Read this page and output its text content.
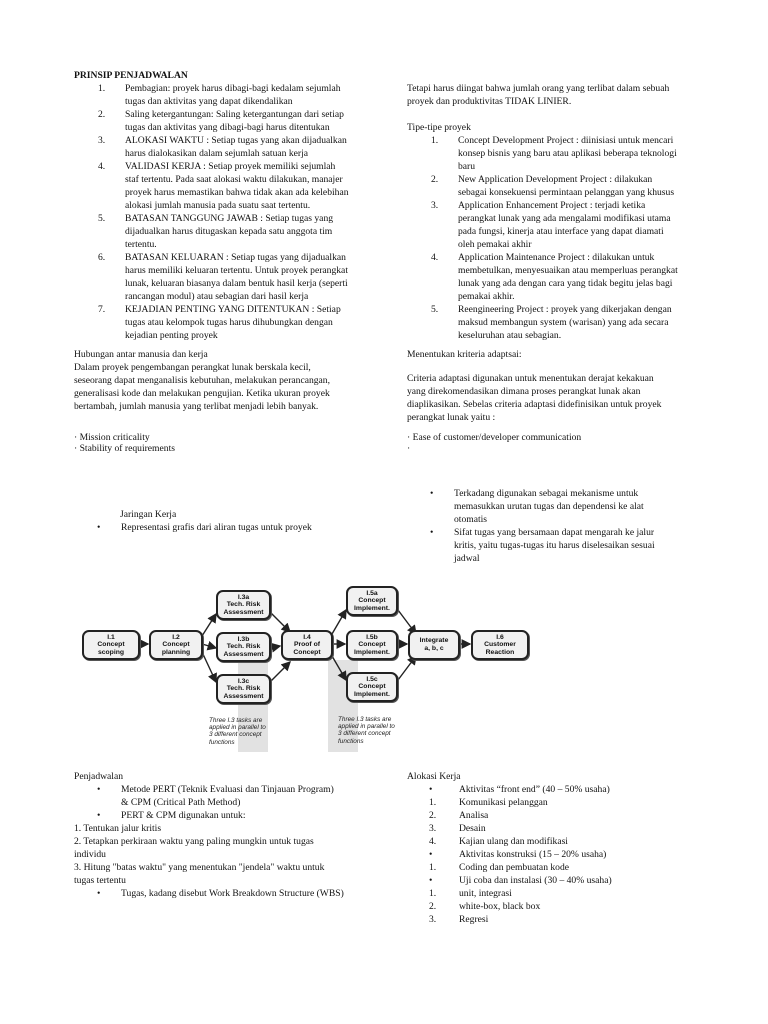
PRINSIP PENJADWALAN

1. Pembagian: proyek harus dibagi-bagi kedalam sejumlah
tugas dan aktivitas yang dapat dikendalikan
2. Saling ketergantungan: Saling ketergantungan dari setiap
tugas dan aktivitas yang dibagi-bagi harus ditentukan
3. ALOKASI WAKTU : Setiap tugas yang akan dijadualkan
harus dialokasikan dalam sejumlah satuan kerja
4. VALIDASI KERJA : Setiap proyek memiliki sejumlah
staf tertentu. Pada saat alokasi waktu dilakukan, manajer
proyek harus memastikan bahwa tidak akan ada kelebihan
alokasi jumlah manusia pada suatu saat tertentu.
5. BATASAN TANGGUNG JAWAB : Setiap tugas yang
dijadualkan harus ditugaskan kepada satu anggota tim
tertentu.
6. BATASAN KELUARAN : Setiap tugas yang dijadualkan
harus memiliki keluaran tertentu. Untuk proyek perangkat
lunak, keluaran biasanya dalam bentuk hasil kerja (seperti
rancangan modul) atau sebagian dari hasil kerja
7. KEJADIAN PENTING YANG DITENTUKAN : Setiap
tugas atau kelompok tugas harus dihubungkan dengan
kejadian penting proyek

Hubungan antar manusia dan kerja

Dalam proyek pengembangan perangkat lunak berskala kecil,
seseorang dapat menganalisis kebutuhan, melakukan perancangan,
generalisasi kode dan melakukan pengujian. Ketika ukuran proyek
bertambah, jumlah manusia yang terlibat menjadi lebih banyak.

· Mission criticality

· Stability of requirements

Jaringan Kerja

• Representasi grafis dari aliran tugas untuk proyek
I.1
Concept
scoping
I.2
Concept
planning
I.3a
Tech. Risk
Assessment
I.3b
Tech. Risk
Assessment
I.3c
Tech. Risk
Assessment
I.4
Proof of
Concept
I.5a
Concept
Implement.
I.5b
Concept
Implement.
I.5c
Concept
Implement.
Integrate
a, b, c
I.6
Customer
Reaction
Three I.3 tasks are
applied in parallel to
3 different concept
functions
Three I.3 tasks are
applied in parallel to
3 different concept
functions

Penjadwalan

• Metode PERT (Teknik Evaluasi dan Tinjauan Program)
& CPM (Critical Path Method)
• PERT & CPM digunakan untuk:

1. Tentukan jalur kritis
2. Tetapkan perkiraan waktu yang paling mungkin untuk tugas
individu
3. Hitung "batas waktu" yang menentukan "jendela" waktu untuk
tugas tertentu

• Tugas, kadang disebut Work Breakdown Structure (WBS)

Tetapi harus diingat bahwa jumlah orang yang terlibat dalam sebuah
proyek dan produktivitas TIDAK LINIER.

Tipe-tipe proyek

1. Concept Development Project : diinisiasi untuk mencari
konsep bisnis yang baru atau aplikasi beberapa teknologi
baru
2. New Application Development Project : dilakukan
sebagai konsekuensi permintaan pelanggan yang khusus
3. Application Enhancement Project : terjadi ketika
perangkat lunak yang ada mengalami modifikasi utama
pada fungsi, kinerja atau interface yang dapat diamati
oleh pemakai akhir
4. Application Maintenance Project : dilakukan untuk
membetulkan, menyesuaikan atau memperluas perangkat
lunak yang ada dengan cara yang tidak begitu jelas bagi
pemakai akhir.
5. Reengineering Project : proyek yang dikerjakan dengan
maksud membangun system (warisan) yang ada secara
keseluruhan atau sebagian.

Menentukan kriteria adaptsai:

Criteria adaptasi digunakan untuk menentukan derajat kekakuan
yang direkomendasikan dimana proses perangkat lunak akan
diaplikasikan. Sebelas criteria adaptasi didefinisikan untuk proyek
perangkat lunak yaitu :

· Ease of customer/developer communication

·

• Terkadang digunakan sebagai mekanisme untuk
memasukkan urutan tugas dan dependensi ke alat
otomatis
• Sifat tugas yang bersamaan dapat mengarah ke jalur
kritis, yaitu tugas-tugas itu harus diselesaikan sesuai
jadwal

Alokasi Kerja

•	Aktivitas “front end” (40 – 50% usaha)
1. Komunikasi pelanggan
2. Analisa
3. Desain
4. Kajian ulang dan modifikasi
•	Aktivitas konstruksi (15 – 20% usaha)
1. Coding dan pembuatan kode
•	Uji coba dan instalasi (30 – 40% usaha)
1. unit, integrasi
2. white-box, black box
3. Regresi
